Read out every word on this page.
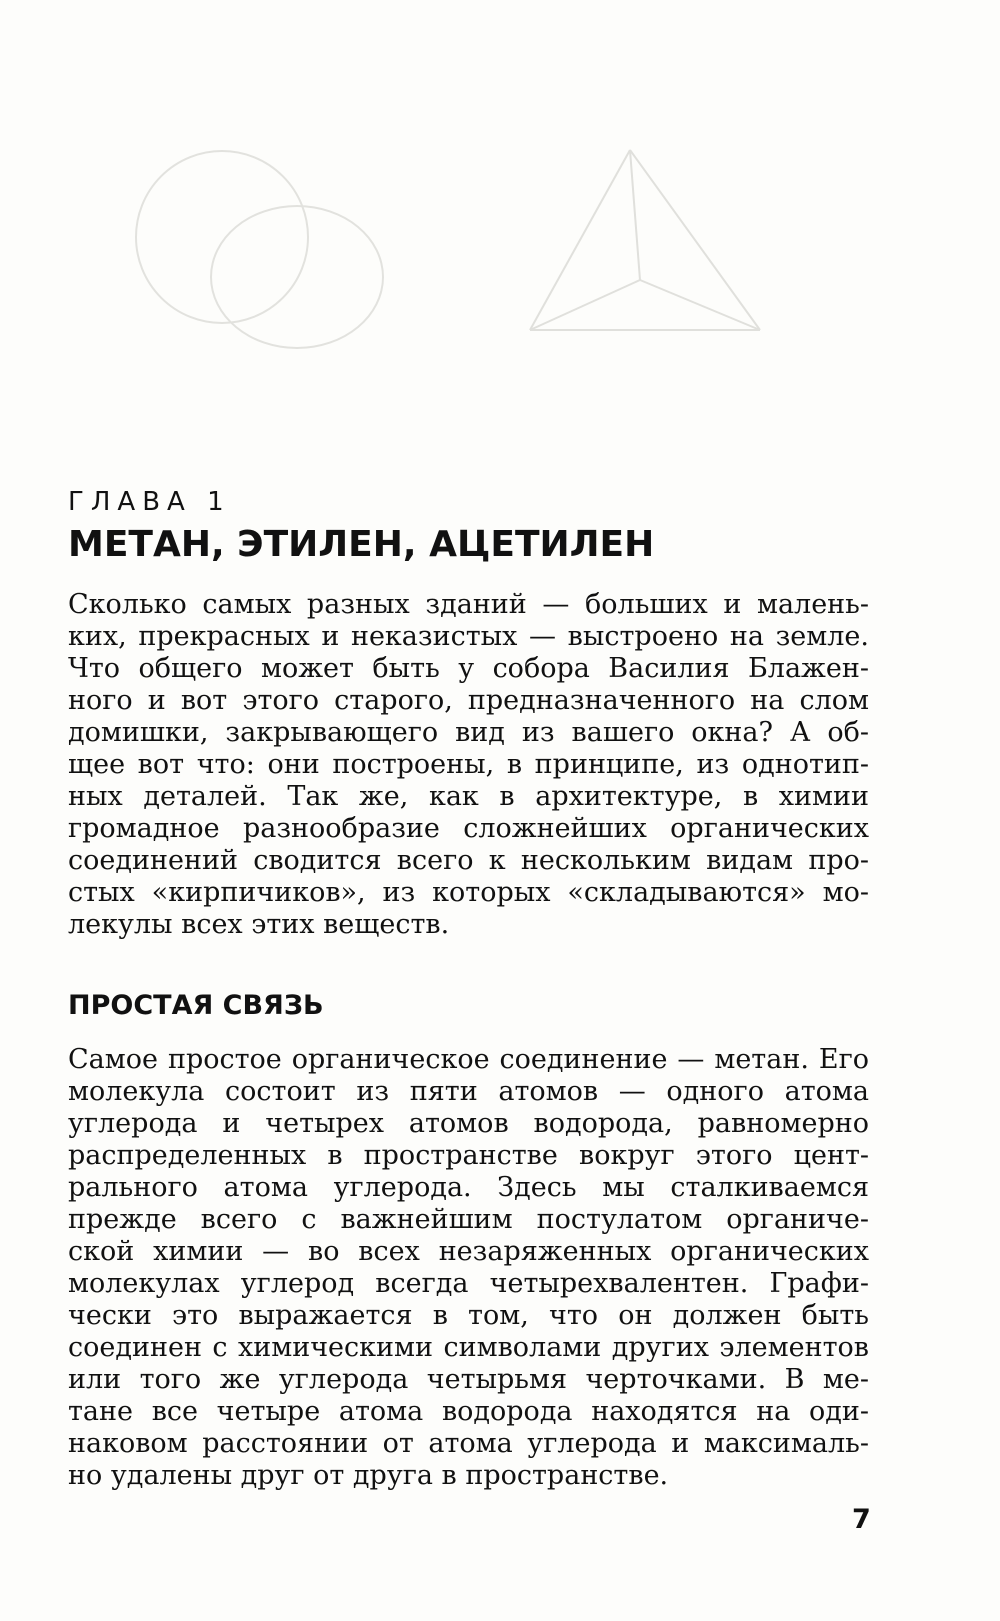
ГЛАВА 1
МЕТАН, ЭТИЛЕН, АЦЕТИЛЕН
Сколько самых разных зданий — больших и малень-
ких, прекрасных и неказистых — выстроено на земле.
Что общего может быть у собора Василия Блажен-
ного и вот этого старого, предназначенного на слом
домишки, закрывающего вид из вашего окна? А об-
щее вот что: они построены, в принципе, из однотип-
ных деталей. Так же, как в архитектуре, в химии
громадное разнообразие сложнейших органических
соединений сводится всего к нескольким видам про-
стых «кирпичиков», из которых «складываются» мо-
лекулы всех этих веществ.
ПРОСТАЯ СВЯЗЬ
Самое простое органическое соединение — метан. Его
молекула состоит из пяти атомов — одного атома
углерода и четырех атомов водорода, равномерно
распределенных в пространстве вокруг этого цент-
рального атома углерода. Здесь мы сталкиваемся
прежде всего с важнейшим постулатом органиче-
ской химии — во всех незаряженных органических
молекулах углерод всегда четырехвалентен. Графи-
чески это выражается в том, что он должен быть
соединен с химическими символами других элементов
или того же углерода четырьмя черточками. В ме-
тане все четыре атома водорода находятся на оди-
наковом расстоянии от атома углерода и максималь-
но удалены друг от друга в пространстве.
7
